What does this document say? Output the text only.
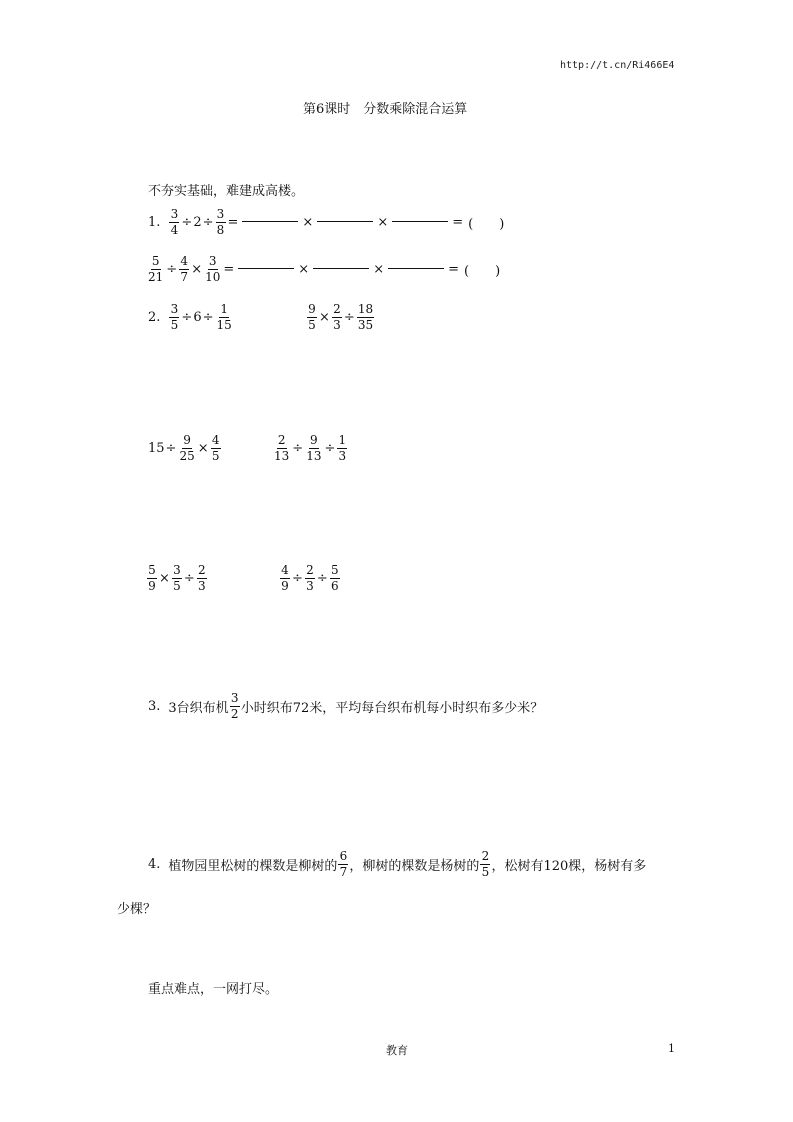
http://t.cn/Ri466E4
第6课时　分数乘除混合运算
不夯实基础，难建成高楼。
1. $\frac{3}{4} \div 2 \div \frac{3}{8}$ =	×	×	= (　　)
$\frac{5}{21} \div \frac{4}{7} \times \frac{3}{10}$ =	×	×	= (　　)
2. $\frac{3}{5} \div 6 \div \frac{1}{15}$	$\frac{9}{5} \times \frac{2}{3} \div \frac{18}{35}$
$15 \div \frac{9}{25} \times \frac{4}{5}$	$\frac{2}{13} \div \frac{9}{13} \div \frac{1}{3}$
$\frac{5}{9} \times \frac{3}{5} \div \frac{2}{3}$	$\frac{4}{9} \div \frac{2}{3} \div \frac{5}{6}$
3. 3台织布机 $\frac{3}{2}$ 小时织布72米，平均每台织布机每小时织布多少米？
4. 植物园里松树的棵数是柳树的 $\frac{6}{7}$ ，柳树的棵数是杨树的 $\frac{2}{5}$ ，松树有120棵，杨树有多
少棵？
重点难点，一网打尽。
教育	1
